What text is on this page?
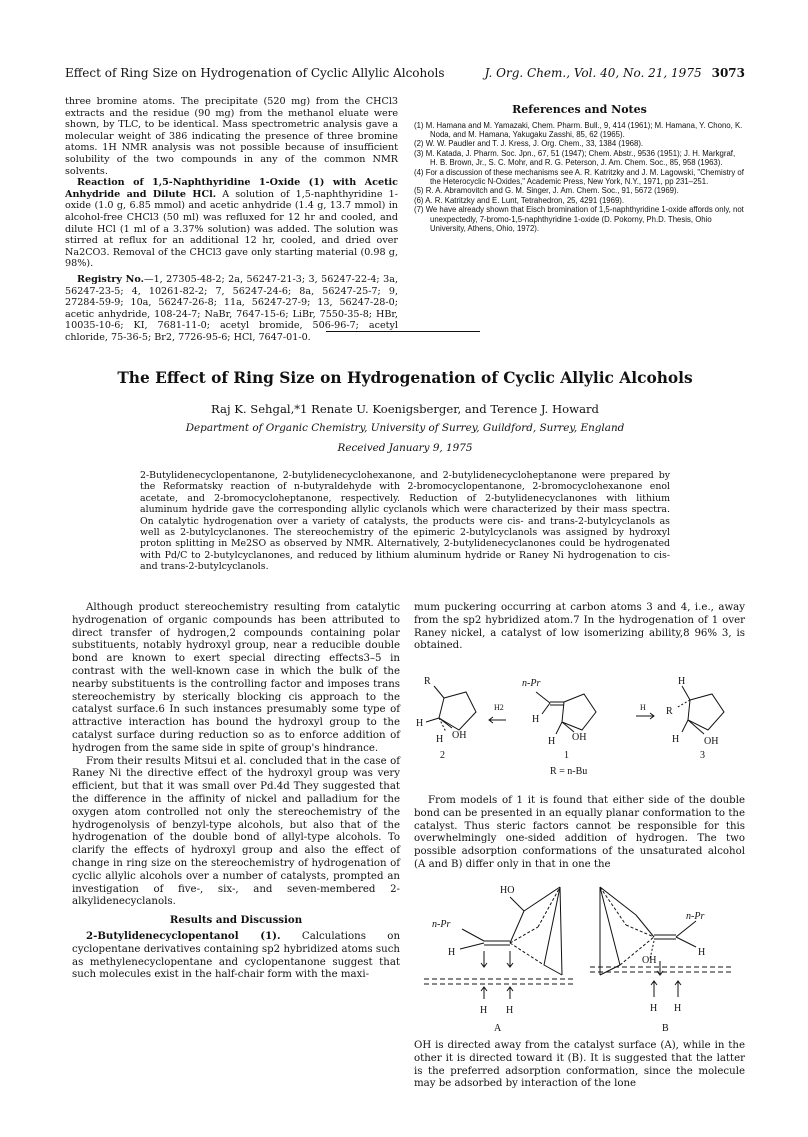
Effect of Ring Size on Hydrogenation of Cyclic Allylic Alcohols	J. Org. Chem., Vol. 40, No. 21, 1975 3073

three bromine atoms. The precipitate (520 mg) from the CHCl3 extracts and the residue (90 mg) from the methanol eluate were shown, by TLC, to be identical. Mass spectrometric analysis gave a molecular weight of 386 indicating the presence of three bromine atoms. 1H NMR analysis was not possible because of insufficient solubility of the two compounds in any of the common NMR solvents.

Reaction of 1,5-Naphthyridine 1-Oxide (1) with Acetic Anhydride and Dilute HCl. A solution of 1,5-naphthyridine 1-oxide (1.0 g, 6.85 mmol) and acetic anhydride (1.4 g, 13.7 mmol) in alcohol-free CHCl3 (50 ml) was refluxed for 12 hr and cooled, and dilute HCl (1 ml of a 3.37% solution) was added. The solution was stirred at reflux for an additional 12 hr, cooled, and dried over Na2CO3. Removal of the CHCl3 gave only starting material (0.98 g, 98%).

Registry No.—1, 27305-48-2; 2a, 56247-21-3; 3, 56247-22-4; 3a, 56247-23-5; 4, 10261-82-2; 7, 56247-24-6; 8a, 56247-25-7; 9, 27284-59-9; 10a, 56247-26-8; 11a, 56247-27-9; 13, 56247-28-0; acetic anhydride, 108-24-7; NaBr, 7647-15-6; LiBr, 7550-35-8; HBr, 10035-10-6; KI, 7681-11-0; acetyl bromide, 506-96-7; acetyl chloride, 75-36-5; Br2, 7726-95-6; HCl, 7647-01-0.

References and Notes
(1) M. Hamana and M. Yamazaki, Chem. Pharm. Bull., 9, 414 (1961); M. Hamana, Y. Chono, K. Noda, and M. Hamana, Yakugaku Zasshi, 85, 62 (1965).
(2) W. W. Paudler and T. J. Kress, J. Org. Chem., 33, 1384 (1968).
(3) M. Katada, J. Pharm. Soc. Jpn., 67, 51 (1947); Chem. Abstr., 9536 (1951); J. H. Markgraf, H. B. Brown, Jr., S. C. Mohr, and R. G. Peterson, J. Am. Chem. Soc., 85, 958 (1963).
(4) For a discussion of these mechanisms see A. R. Katritzky and J. M. Lagowski, "Chemistry of the Heterocyclic N-Oxides," Academic Press, New York, N.Y., 1971, pp 231–251.
(5) R. A. Abramovitch and G. M. Singer, J. Am. Chem. Soc., 91, 5672 (1969).
(6) A. R. Katritzky and E. Lunt, Tetrahedron, 25, 4291 (1969).
(7) We have already shown that Eisch bromination of 1,5-naphthyridine 1-oxide affords only, not unexpectedly, 7-bromo-1,5-naphthyridine 1-oxide (D. Pokorny, Ph.D. Thesis, Ohio University, Athens, Ohio, 1972).
The Effect of Ring Size on Hydrogenation of Cyclic Allylic Alcohols
Raj K. Sehgal,*1 Renate U. Koenigsberger, and Terence J. Howard
Department of Organic Chemistry, University of Surrey, Guildford, Surrey, England
Received January 9, 1975
2-Butylidenecyclopentanone, 2-butylidenecyclohexanone, and 2-butylidenecycloheptanone were prepared by the Reformatsky reaction of n-butyraldehyde with 2-bromocyclopentanone, 2-bromocyclohexanone enol acetate, and 2-bromocycloheptanone, respectively. Reduction of 2-butylidenecyclanones with lithium aluminum hydride gave the corresponding allylic cyclanols which were characterized by their mass spectra. On catalytic hydrogenation over a variety of catalysts, the products were cis- and trans-2-butylcyclanols as well as 2-butylcyclanones. The stereochemistry of the epimeric 2-butylcyclanols was assigned by hydroxyl proton splitting in Me2SO as observed by NMR. Alternatively, 2-butylidenecyclanones could be hydrogenated with Pd/C to 2-butylcyclanones, and reduced by lithium aluminum hydride or Raney Ni hydrogenation to cis- and trans-2-butylcyclanols.

Although product stereochemistry resulting from catalytic hydrogenation of organic compounds has been attributed to direct transfer of hydrogen,2 compounds containing polar substituents, notably hydroxyl group, near a reducible double bond are known to exert special directing effects3–5 in contrast with the well-known case in which the bulk of the nearby substituents is the controlling factor and imposes trans stereochemistry by sterically blocking cis approach to the catalyst surface.6 In such instances presumably some type of attractive interaction has bound the hydroxyl group to the catalyst surface during reduction so as to enforce addition of hydrogen from the same side in spite of group's hindrance.

From their results Mitsui et al. concluded that in the case of Raney Ni the directive effect of the hydroxyl group was very efficient, but that it was small over Pd.4d They suggested that the difference in the affinity of nickel and palladium for the oxygen atom controlled not only the stereochemistry of the hydrogenolysis of benzyl-type alcohols, but also that of the hydrogenation of the double bond of allyl-type alcohols. To clarify the effects of hydroxyl group and also the effect of change in ring size on the stereochemistry of hydrogenation of cyclic allylic alcohols over a number of catalysts, prompted an investigation of five-, six-, and seven-membered 2-alkylidenecyclanols.

Results and Discussion

2-Butylidenecyclopentanol (1). Calculations on cyclopentane derivatives containing sp2 hybridized atoms such as methylenecyclopentane and cyclopentanone suggest that such molecules exist in the half-chair form with the maxi-

mum puckering occurring at carbon atoms 3 and 4, i.e., away from the sp2 hybridized atom.7 In the hydrogenation of 1 over Raney nickel, a catalyst of low isomerizing ability,8 96% 3, is obtained.

R
H
H OH
H2
n-Pr
H
H OH
H
H
R
H OH
2	1	3
R = n-Bu

From models of 1 it is found that either side of the double bond can be presented in an equally planar conformation to the catalyst. Thus steric factors cannot be responsible for this overwhelmingly one-sided addition of hydrogen. The two possible adsorption conformations of the unsaturated alcohol (A and B) differ only in that in one the

HO
n-Pr
H
n-Pr
H
OH
H H	H H
A	B

OH is directed away from the catalyst surface (A), while in the other it is directed toward it (B). It is suggested that the latter is the preferred adsorption conformation, since the molecule may be adsorbed by interaction of the lone
